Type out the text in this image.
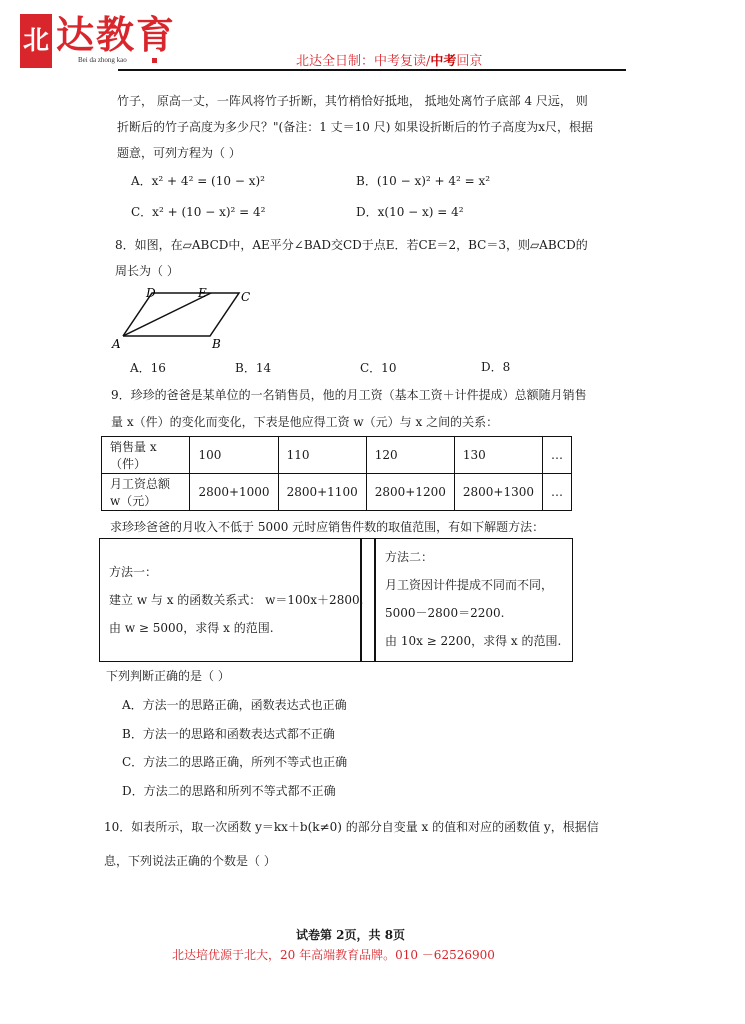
北 达教育
Bei da zhong kao	北达全日制：中考复读/中考回京
竹子， 原高一丈，一阵风将竹子折断，其竹梢恰好抵地， 抵地处离竹子底部 4 尺远， 则
折断后的竹子高度为多少尺？"(备注：1 丈＝10 尺) 如果设折断后的竹子高度为x尺，根据
题意，可列方程为（ ）
A．x² + 4² = (10 − x)²	B．(10 − x)² + 4² = x²
C．x² + (10 − x)² = 4²	D．x(10 − x) = 4²
8．如图，在▱ABCD中，AE平分∠BAD交CD于点E．若CE＝2，BC＝3，则▱ABCD的
周长为（ ）
A	B
C
D	E
A．16	B．14	C．10	D．8
9．珍珍的爸爸是某单位的一名销售员，他的月工资（基本工资＋计件提成）总额随月销售
量 x（件）的变化而变化，下表是他应得工资 w（元）与 x 之间的关系：
销售量 x（件）	100	110	120	130	…
月工资总额 w（元）	2800+1000	2800+1100	2800+1200	2800+1300	…
求珍珍爸爸的月收入不低于 5000 元时应销售件数的取值范围，有如下解题方法：
方法一：
建立 w 与 x 的函数关系式： w＝100x＋2800.
由 w ≥ 5000，求得 x 的范围.
方法二：
月工资因计件提成不同而不同，
5000－2800＝2200.
由 10x ≥ 2200，求得 x 的范围.
下列判断正确的是（ ）
A．方法一的思路正确，函数表达式也正确
B．方法一的思路和函数表达式都不正确
C．方法二的思路正确，所列不等式也正确
D．方法二的思路和所列不等式都不正确
10．如表所示，取一次函数 y＝kx＋b(k≠0) 的部分自变量 x 的值和对应的函数值 y，根据信
息，下列说法正确的个数是（ ）
试卷第 2页，共 8页
北达培优源于北大，20 年高端教育品牌。010 －62526900
